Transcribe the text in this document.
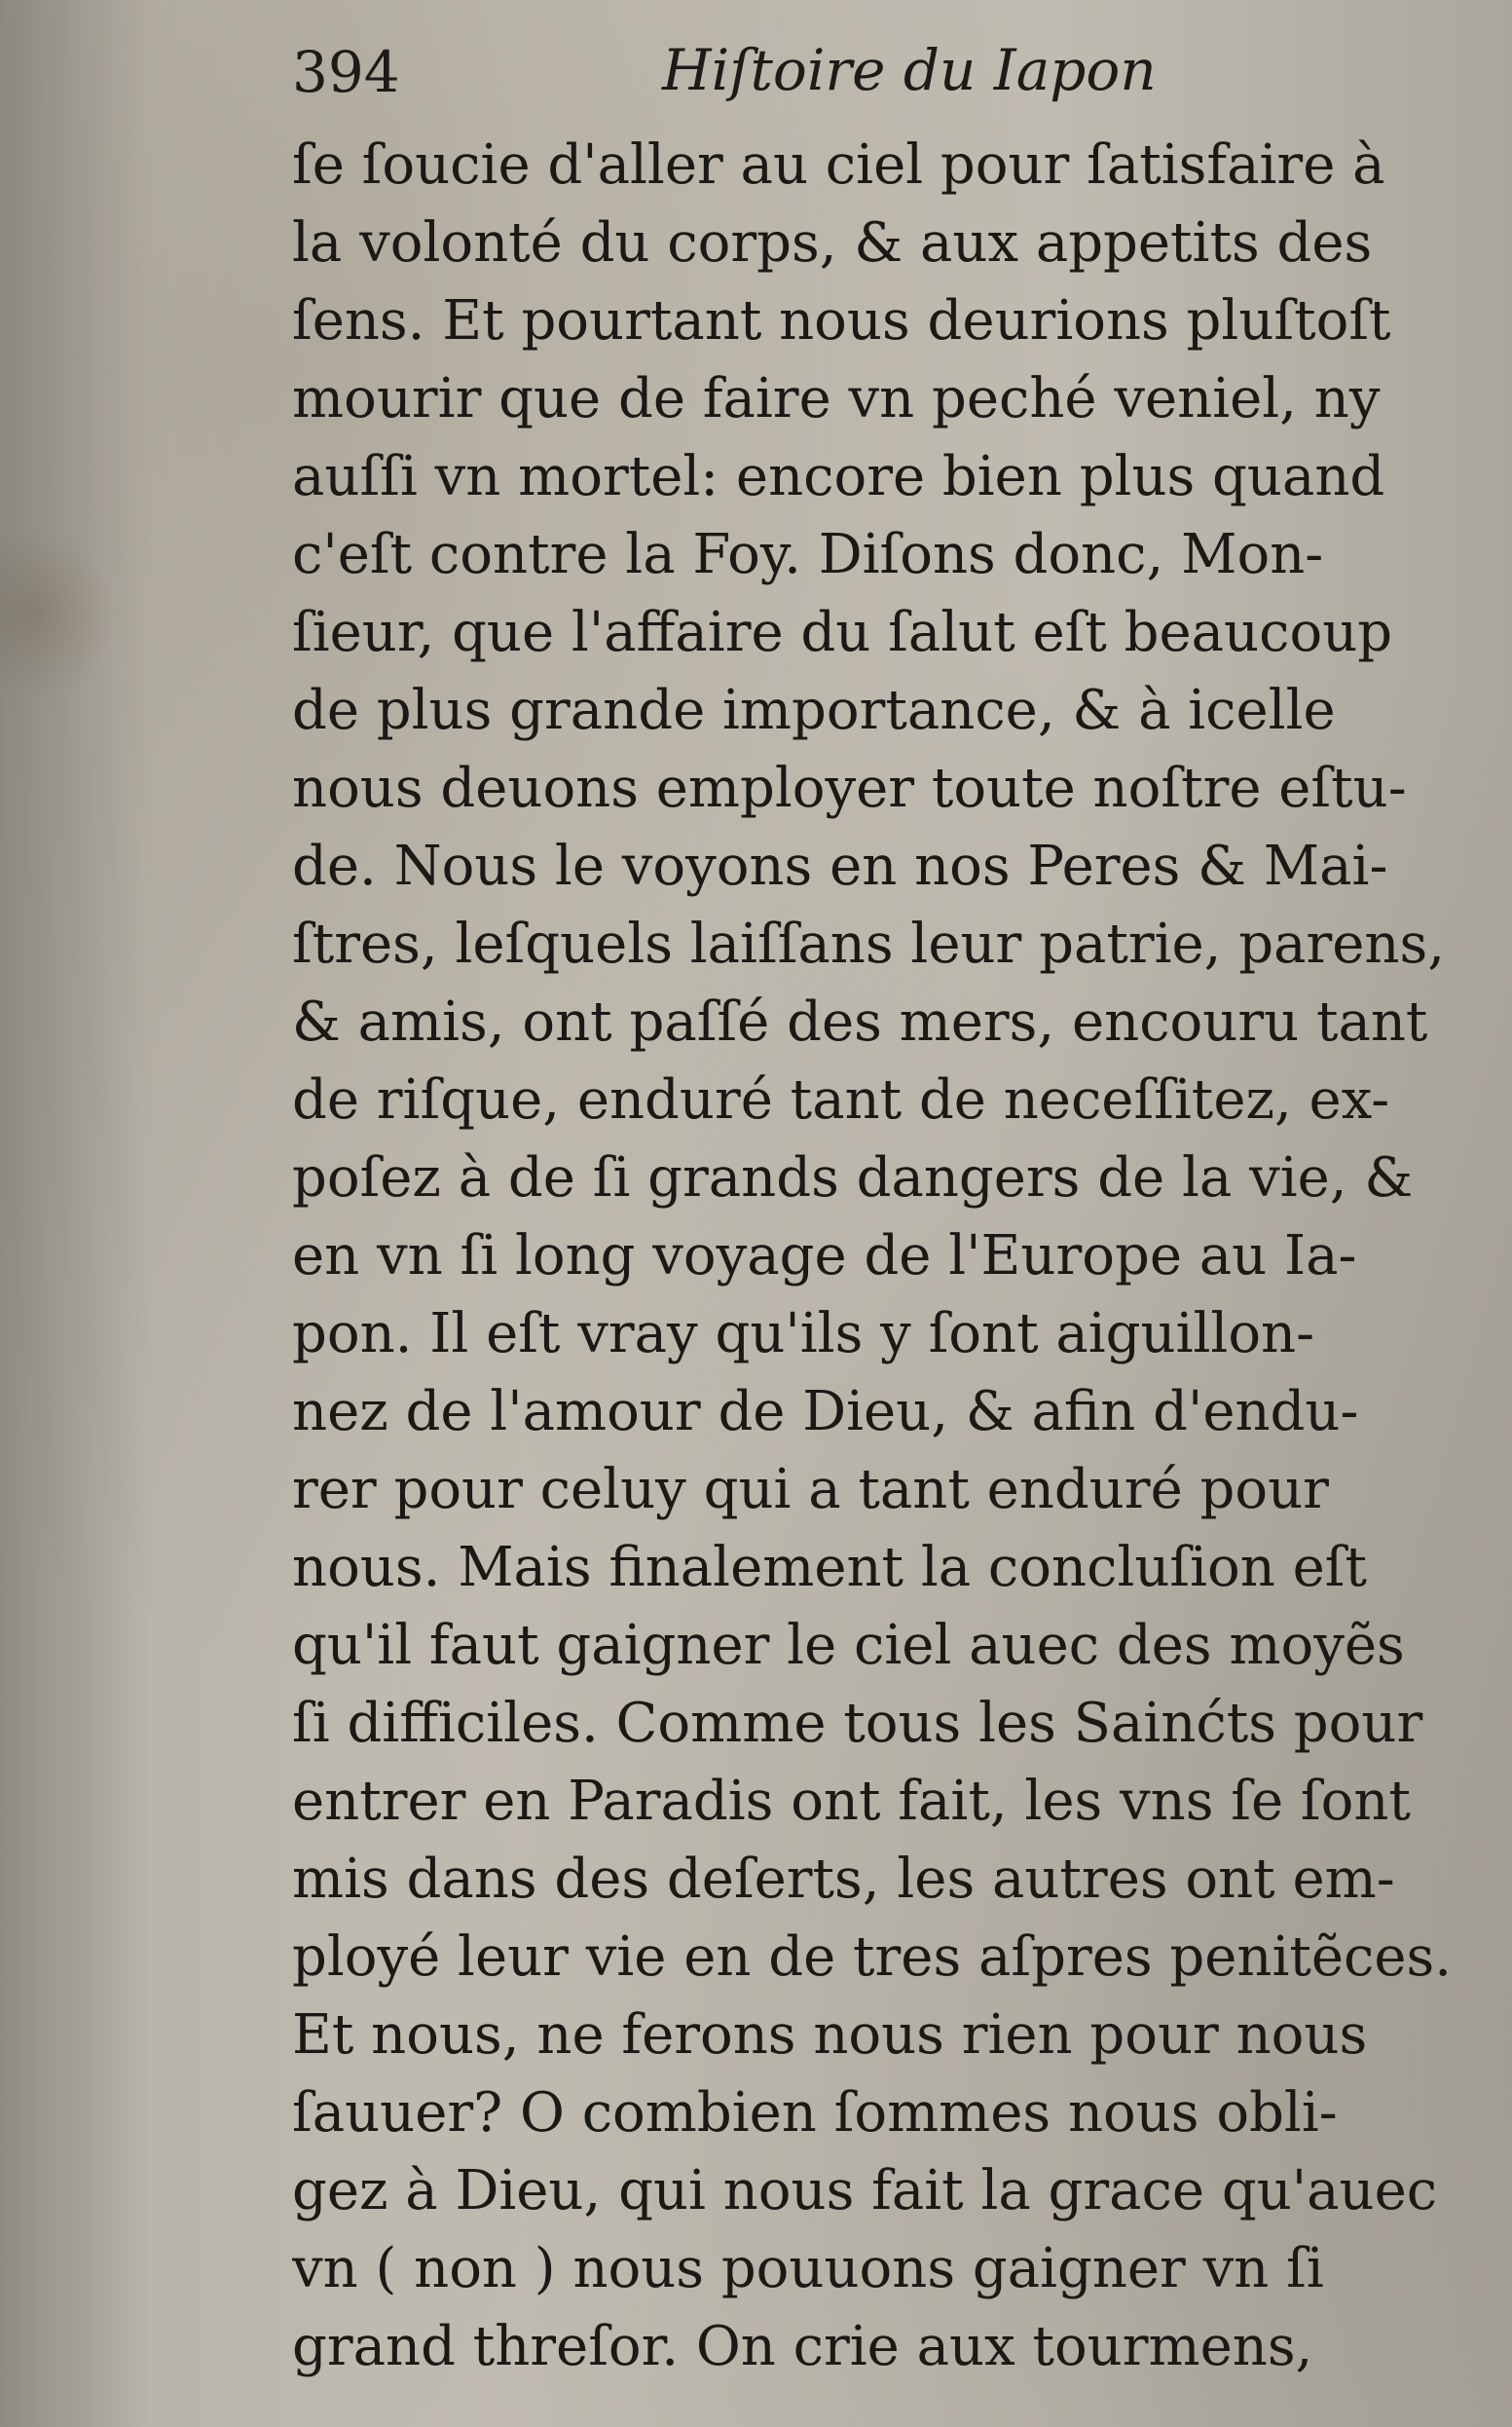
394	Hiſtoire du Iapon
ſe ſoucie d'aller au ciel pour ſatisfaire à
la volonté du corps, & aux appetits des
ſens. Et pourtant nous deurions pluſtoſt
mourir que de faire vn peché veniel, ny
auſſi vn mortel: encore bien plus quand
c'eſt contre la Foy. Diſons donc, Mon-
ſieur, que l'affaire du ſalut eſt beaucoup
de plus grande importance, & à icelle
nous deuons employer toute noſtre eſtu-
de. Nous le voyons en nos Peres & Mai-
ſtres, leſquels laiſſans leur patrie, parens,
& amis, ont paſſé des mers, encouru tant
de riſque, enduré tant de neceſſitez, ex-
poſez à de ſi grands dangers de la vie, &
en vn ſi long voyage de l'Europe au Ia-
pon. Il eſt vray qu'ils y ſont aiguillon-
nez de l'amour de Dieu, & afin d'endu-
rer pour celuy qui a tant enduré pour
nous. Mais finalement la concluſion eſt
qu'il faut gaigner le ciel auec des moyẽs
ſi difficiles. Comme tous les Sainćts pour
entrer en Paradis ont fait, les vns ſe ſont
mis dans des deſerts, les autres ont em-
ployé leur vie en de tres aſpres penitẽces.
Et nous, ne ferons nous rien pour nous
ſauuer? O combien ſommes nous obli-
gez à Dieu, qui nous fait la grace qu'auec
vn ( non ) nous pouuons gaigner vn ſi
grand threſor. On crie aux tourmens,
